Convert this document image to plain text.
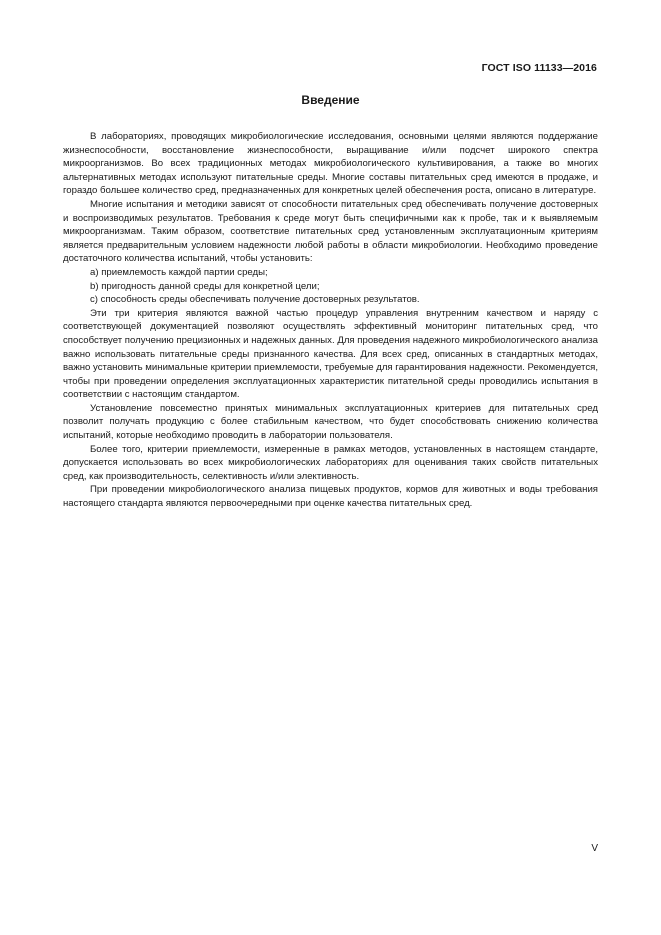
ГОСТ ISO 11133—2016
Введение

В лабораториях, проводящих микробиологические исследования, основными целями являются поддержание жизнеспособности, восстановление жизнеспособности, выращивание и/или подсчет широкого спектра микроорганизмов. Во всех традиционных методах микробиологического культивирования, а также во многих альтернативных методах используют питательные среды. Многие составы питательных сред имеются в продаже, и гораздо большее количество сред, предназначенных для конкретных целей обеспечения роста, описано в литературе.

Многие испытания и методики зависят от способности питательных сред обеспечивать получение достоверных и воспроизводимых результатов. Требования к среде могут быть специфичными как к пробе, так и к выявляемым микроорганизмам. Таким образом, соответствие питательных сред установленным эксплуатационным критериям является предварительным условием надежности любой работы в области микробиологии. Необходимо проведение достаточного количества испытаний, чтобы установить:

a) приемлемость каждой партии среды;

b) пригодность данной среды для конкретной цели;

c) способность среды обеспечивать получение достоверных результатов.

Эти три критерия являются важной частью процедур управления внутренним качеством и наряду с соответствующей документацией позволяют осуществлять эффективный мониторинг питательных сред, что способствует получению прецизионных и надежных данных. Для проведения надежного микробиологического анализа важно использовать питательные среды признанного качества. Для всех сред, описанных в стандартных методах, важно установить минимальные критерии приемлемости, требуемые для гарантирования надежности. Рекомендуется, чтобы при проведении определения эксплуатационных характеристик питательной среды проводились испытания в соответствии с настоящим стандартом.

Установление повсеместно принятых минимальных эксплуатационных критериев для питательных сред позволит получать продукцию с более стабильным качеством, что будет способствовать снижению количества испытаний, которые необходимо проводить в лаборатории пользователя.

Более того, критерии приемлемости, измеренные в рамках методов, установленных в настоящем стандарте, допускается использовать во всех микробиологических лабораториях для оценивания таких свойств питательных сред, как производительность, селективность и/или элективность.

При проведении микробиологического анализа пищевых продуктов, кормов для животных и воды требования настоящего стандарта являются первоочередными при оценке качества питательных сред.

V
